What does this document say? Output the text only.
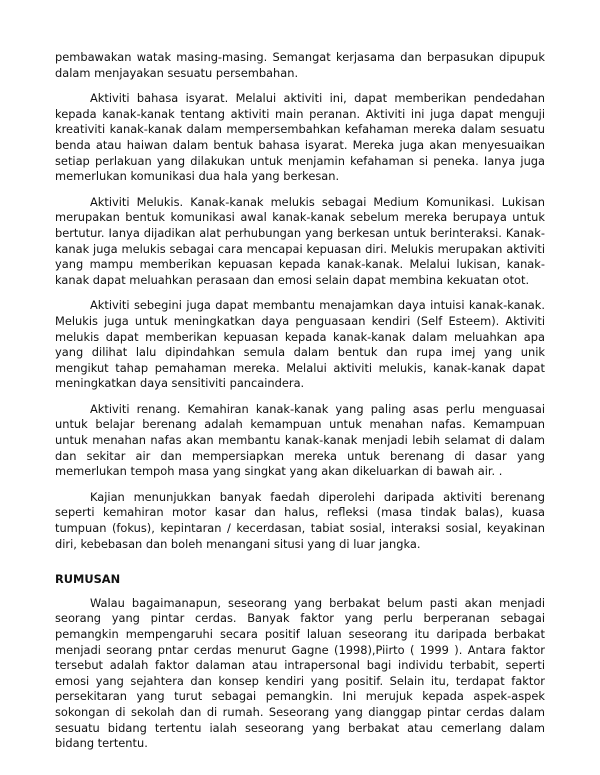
pembawakan watak masing-masing. Semangat kerjasama dan berpasukan dipupuk dalam menjayakan sesuatu persembahan.

Aktiviti bahasa isyarat. Melalui aktiviti ini, dapat memberikan pendedahan kepada kanak-kanak tentang aktiviti main peranan. Aktiviti ini juga dapat menguji kreativiti kanak-kanak dalam mempersembahkan kefahaman mereka dalam sesuatu benda atau haiwan dalam bentuk bahasa isyarat. Mereka juga akan menyesuaikan setiap perlakuan yang dilakukan untuk menjamin kefahaman si peneka. Ianya juga memerlukan komunikasi dua hala yang berkesan.

Aktiviti Melukis. Kanak-kanak melukis sebagai Medium Komunikasi. Lukisan merupakan bentuk komunikasi awal kanak-kanak sebelum mereka berupaya untuk bertutur. Ianya dijadikan alat perhubungan yang berkesan untuk berinteraksi. Kanak-kanak juga melukis sebagai cara mencapai kepuasan diri. Melukis merupakan aktiviti yang mampu memberikan kepuasan kepada kanak-kanak. Melalui lukisan, kanak-kanak dapat meluahkan perasaan dan emosi selain dapat membina kekuatan otot.

Aktiviti sebegini juga dapat membantu menajamkan daya intuisi kanak-kanak. Melukis juga untuk meningkatkan daya penguasaan kendiri (Self Esteem). Aktiviti melukis dapat memberikan kepuasan kepada kanak-kanak dalam meluahkan apa yang dilihat lalu dipindahkan semula dalam bentuk dan rupa imej yang unik mengikut tahap pemahaman mereka. Melalui aktiviti melukis, kanak-kanak dapat meningkatkan daya sensitiviti pancaindera.

Aktiviti renang. Kemahiran kanak-kanak yang paling asas perlu menguasai untuk belajar berenang adalah kemampuan untuk menahan nafas. Kemampuan untuk menahan nafas akan membantu kanak-kanak menjadi lebih selamat di dalam dan sekitar air dan mempersiapkan mereka untuk berenang di dasar yang memerlukan tempoh masa yang singkat yang akan dikeluarkan di bawah air. .

Kajian menunjukkan banyak faedah diperolehi daripada aktiviti berenang seperti kemahiran motor kasar dan halus, refleksi (masa tindak balas), kuasa tumpuan (fokus), kepintaran / kecerdasan, tabiat sosial, interaksi sosial, keyakinan diri, kebebasan dan boleh menangani situsi yang di luar jangka.

RUMUSAN

Walau bagaimanapun, seseorang yang berbakat belum pasti akan menjadi seorang yang pintar cerdas. Banyak faktor yang perlu berperanan sebagai pemangkin mempengaruhi secara positif laluan seseorang itu daripada berbakat menjadi seorang pntar cerdas menurut Gagne (1998),Piirto ( 1999 ). Antara faktor tersebut adalah faktor dalaman atau intrapersonal bagi individu terbabit, seperti emosi yang sejahtera dan konsep kendiri yang positif. Selain itu, terdapat faktor persekitaran yang turut sebagai pemangkin. Ini merujuk kepada aspek-aspek sokongan di sekolah dan di rumah. Seseorang yang dianggap pintar cerdas dalam sesuatu bidang tertentu ialah seseorang yang berbakat atau cemerlang dalam bidang tertentu.
